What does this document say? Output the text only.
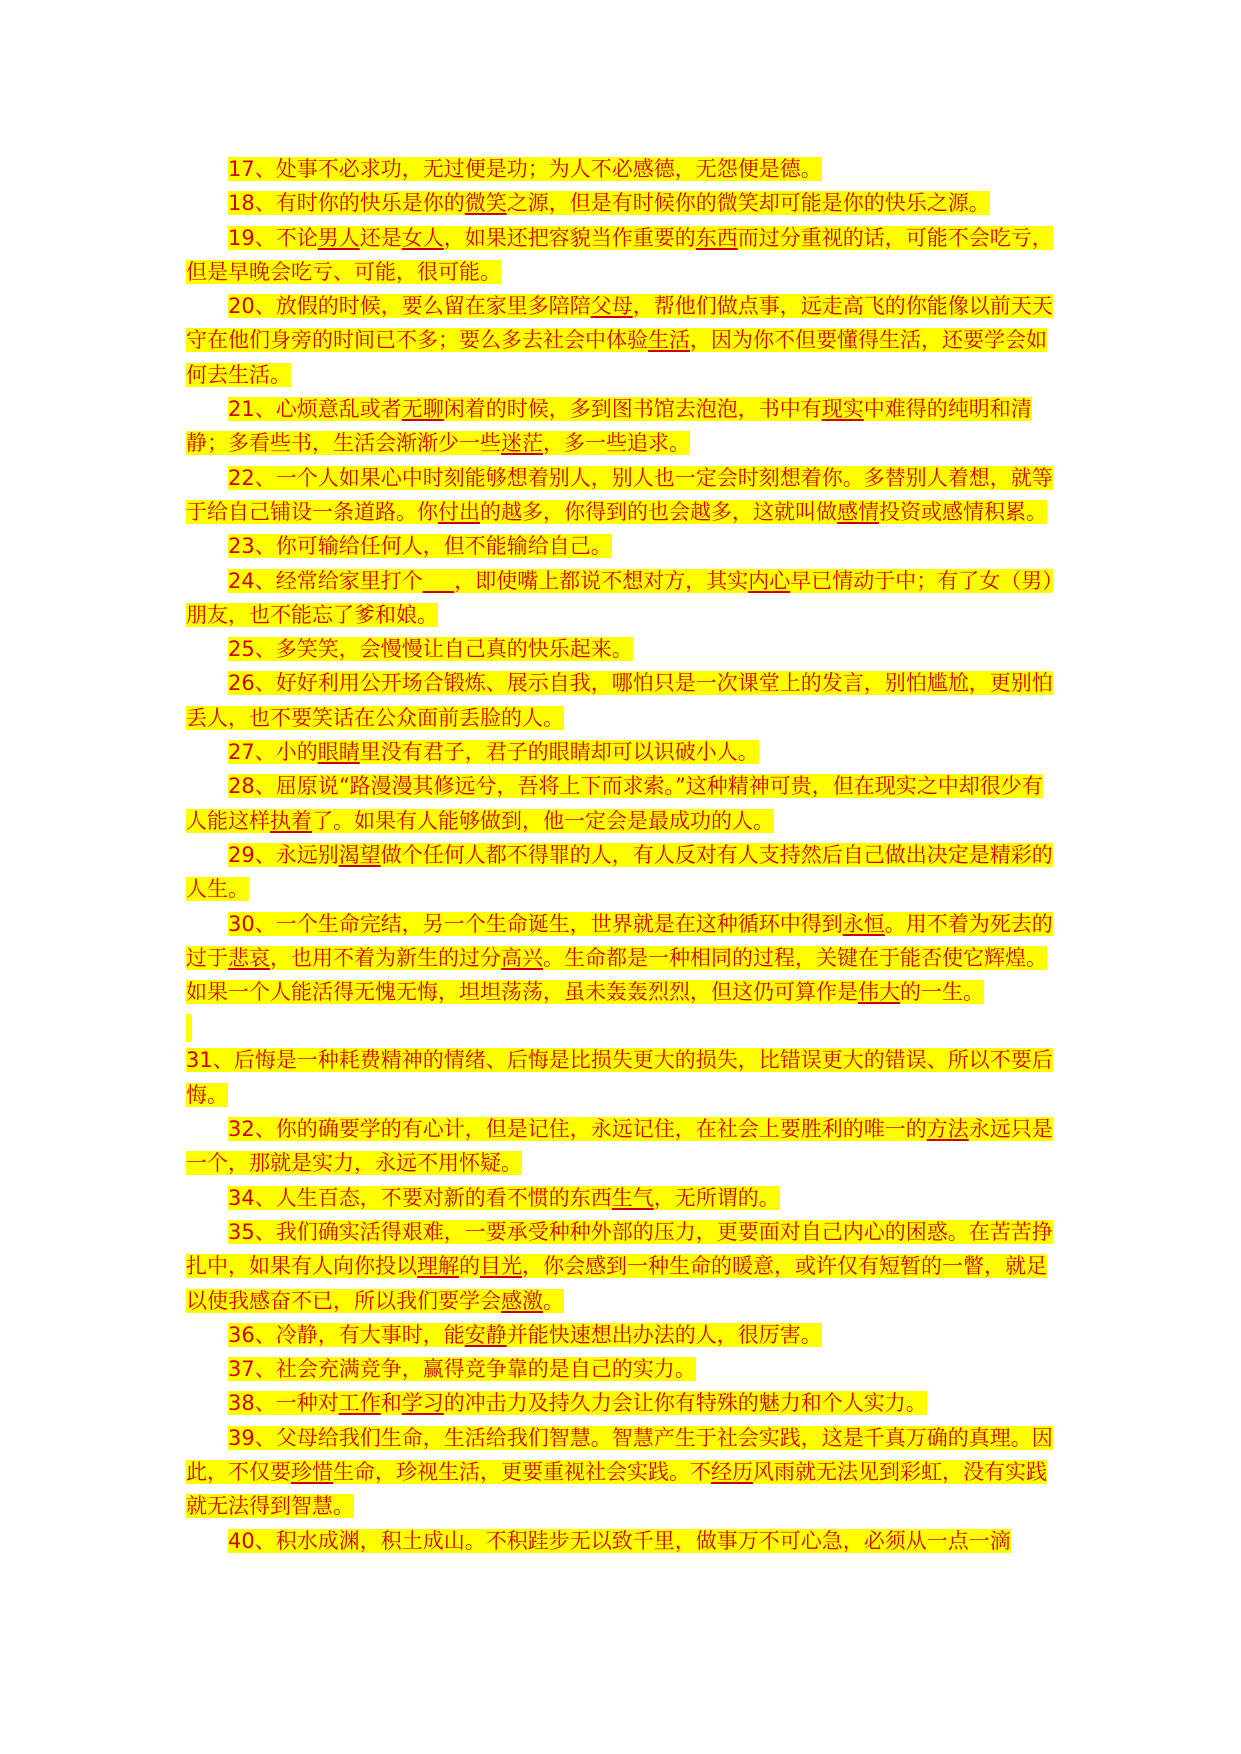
17、处事不必求功，无过便是功；为人不必感德，无怨便是德。

18、有时你的快乐是你的微笑之源，但是有时候你的微笑却可能是你的快乐之源。

19、不论男人还是女人，如果还把容貌当作重要的东西而过分重视的话，可能不会吃亏，但是早晚会吃亏、可能，很可能。

20、放假的时候，要么留在家里多陪陪父母，帮他们做点事，远走高飞的你能像以前天天守在他们身旁的时间已不多；要么多去社会中体验生活，因为你不但要懂得生活，还要学会如何去生活。

21、心烦意乱或者无聊闲着的时候，多到图书馆去泡泡，书中有现实中难得的纯明和清静；多看些书，生活会渐渐少一些迷茫，多一些追求。

22、一个人如果心中时刻能够想着别人，别人也一定会时刻想着你。多替别人着想，就等于给自己铺设一条道路。你付出的越多，你得到的也会越多，这就叫做感情投资或感情积累。

23、你可输给任何人，但不能输给自己。

24、经常给家里打个___，即使嘴上都说不想对方，其实内心早已情动于中；有了女（男）朋友，也不能忘了爹和娘。

25、多笑笑，会慢慢让自己真的快乐起来。

26、好好利用公开场合锻炼、展示自我，哪怕只是一次课堂上的发言，别怕尴尬，更别怕丢人，也不要笑话在公众面前丢脸的人。

27、小的眼睛里没有君子，君子的眼睛却可以识破小人。

28、屈原说“路漫漫其修远兮，吾将上下而求索。”这种精神可贵，但在现实之中却很少有人能这样执着了。如果有人能够做到，他一定会是最成功的人。

29、永远别渴望做个任何人都不得罪的人，有人反对有人支持然后自己做出决定是精彩的人生。

30、一个生命完结，另一个生命诞生，世界就是在这种循环中得到永恒。用不着为死去的过于悲哀，也用不着为新生的过分高兴。生命都是一种相同的过程，关键在于能否使它辉煌。如果一个人能活得无愧无悔，坦坦荡荡，虽未轰轰烈烈，但这仍可算作是伟大的一生。

31、后悔是一种耗费精神的情绪、后悔是比损失更大的损失，比错误更大的错误、所以不要后悔。

32、你的确要学的有心计，但是记住，永远记住，在社会上要胜利的唯一的方法永远只是一个，那就是实力，永远不用怀疑。

34、人生百态，不要对新的看不惯的东西生气，无所谓的。

35、我们确实活得艰难，一要承受种种外部的压力，更要面对自己内心的困惑。在苦苦挣扎中，如果有人向你投以理解的目光，你会感到一种生命的暖意，或许仅有短暂的一瞥，就足以使我感奋不已，所以我们要学会感激。

36、冷静，有大事时，能安静并能快速想出办法的人，很厉害。

37、社会充满竞争，赢得竞争靠的是自己的实力。

38、一种对工作和学习的冲击力及持久力会让你有特殊的魅力和个人实力。

39、父母给我们生命，生活给我们智慧。智慧产生于社会实践，这是千真万确的真理。因此，不仅要珍惜生命，珍视生活，更要重视社会实践。不经历风雨就无法见到彩虹，没有实践就无法得到智慧。

40、积水成渊，积土成山。不积跬步无以致千里，做事万不可心急，必须从一点一滴
